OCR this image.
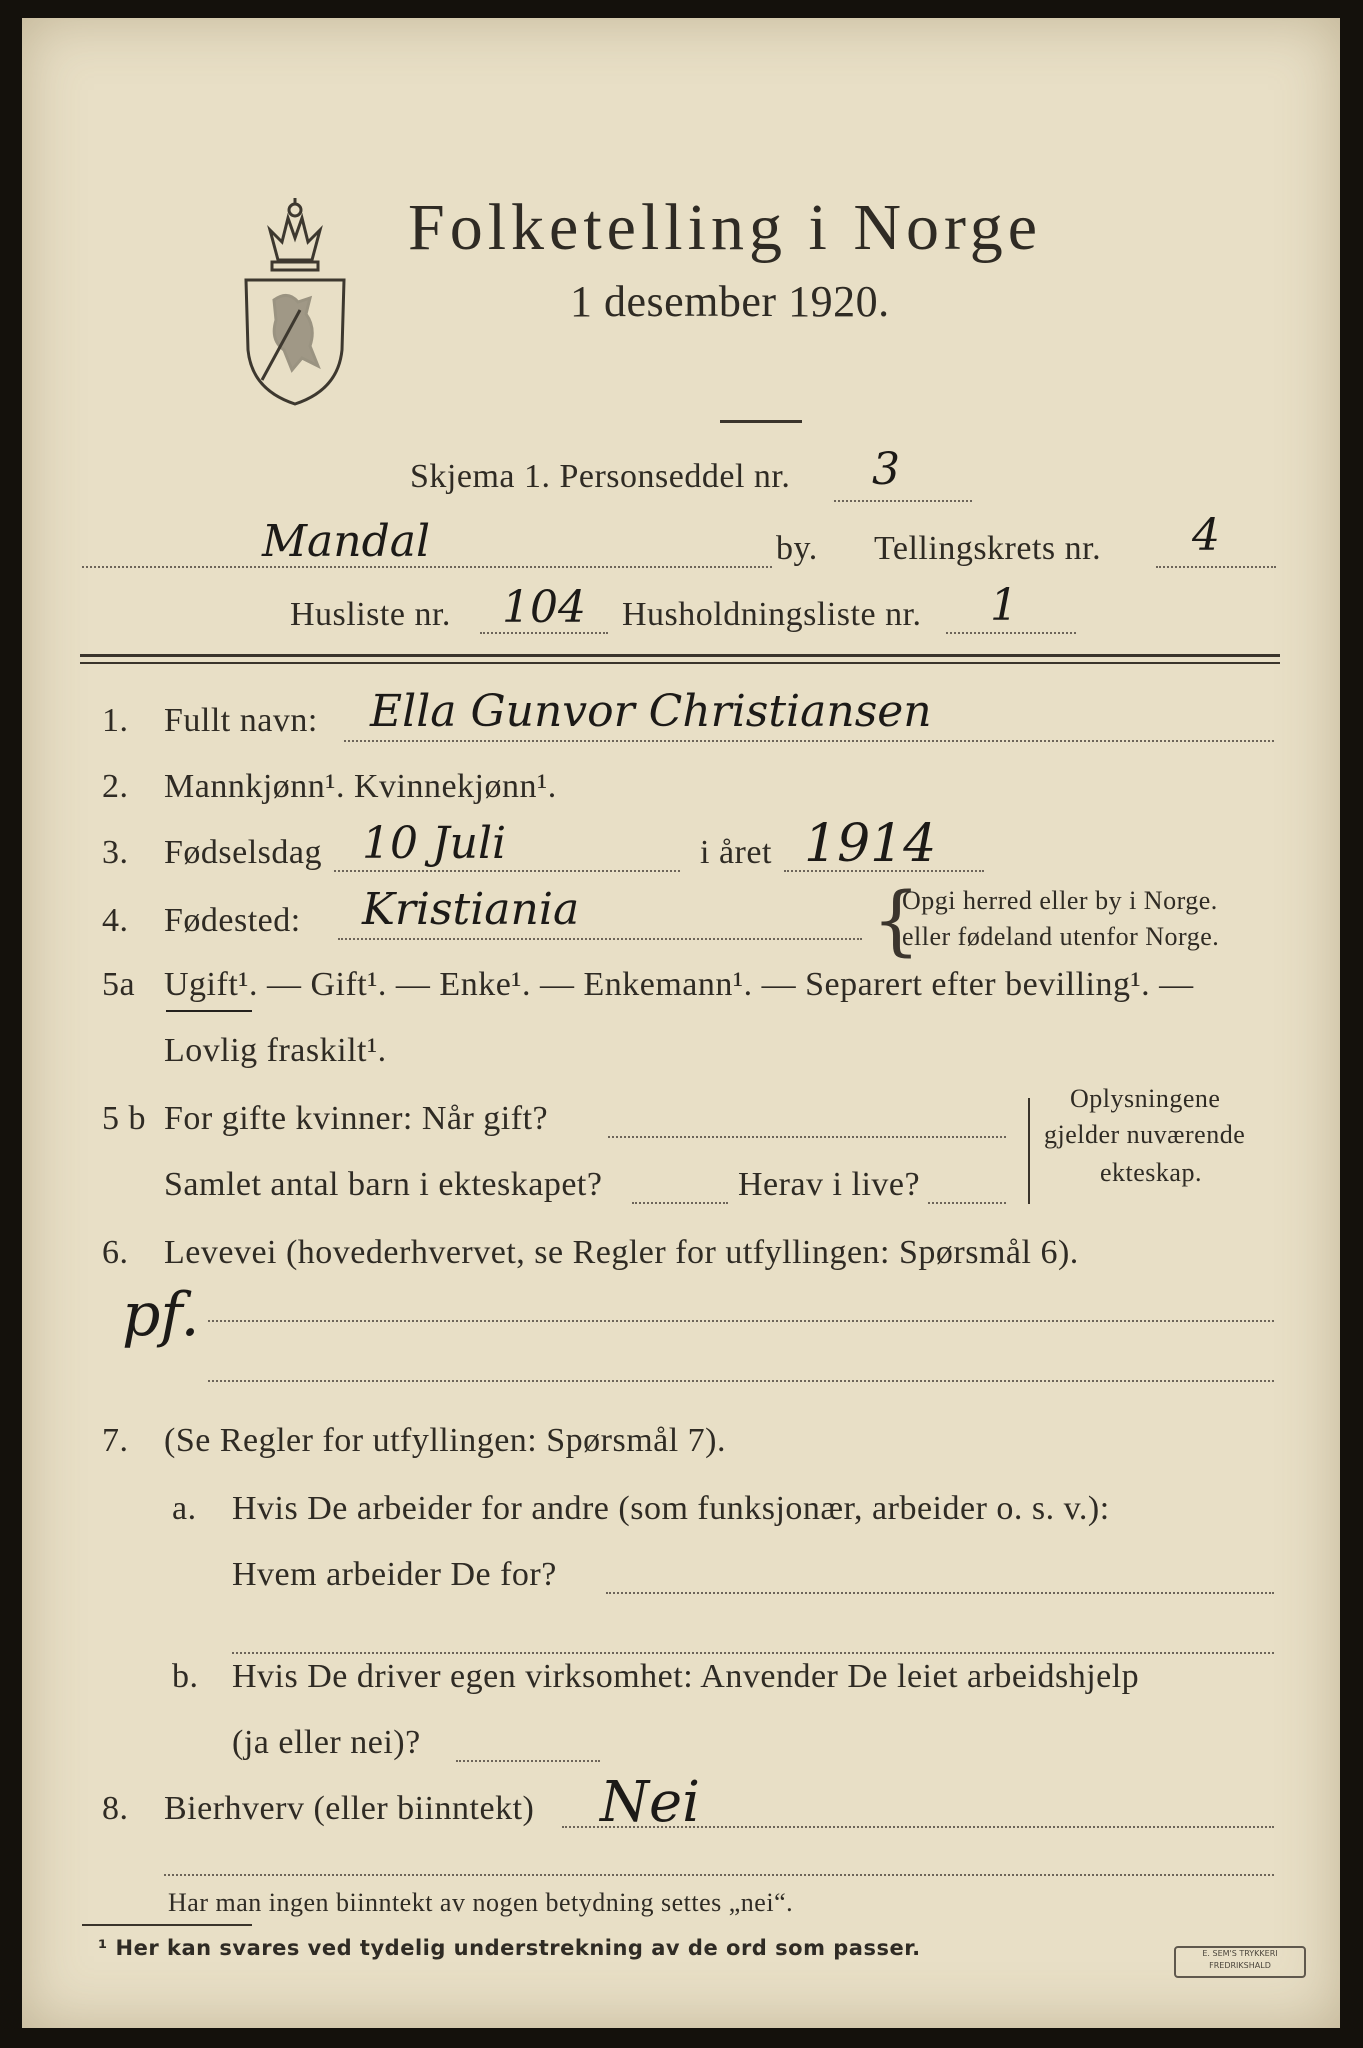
Folketelling i Norge
1 desember 1920.
Skjema 1. Personseddel nr. 3
Mandal	by. Tellingskrets nr. 4
Husliste nr. 104 Husholdningsliste nr. 1
1. Fullt navn: Ella Gunvor Christiansen
2. Mannkjønn¹. Kvinnekjønn¹.
3. Fødselsdag 10 Juli	i året 1914
4. Fødested: Kristiania	{
Opgi herred eller by i Norge.
eller fødeland utenfor Norge.
5a Ugift¹. — Gift¹. — Enke¹. — Enkemann¹. — Separert efter bevilling¹. —
Lovlig fraskilt¹.
5 b For gifte kvinner: Når gift?
Samlet antal barn i ekteskapet?	Herav i live?
Oplysningene
gjelder nuværende
ekteskap.
6. Levevei (hovederhvervet, se Regler for utfyllingen: Spørsmål 6).
pf.
7. (Se Regler for utfyllingen: Spørsmål 7).
a. Hvis De arbeider for andre (som funksjonær, arbeider o. s. v.):
Hvem arbeider De for?
b. Hvis De driver egen virksomhet: Anvender De leiet arbeidshjelp
(ja eller nei)?
8. Bierhverv (eller biinntekt) Nei
Har man ingen biinntekt av nogen betydning settes „nei“.
¹ Her kan svares ved tydelig understrekning av de ord som passer.	E. SEM'S TRYKKERI
FREDRIKSHALD
